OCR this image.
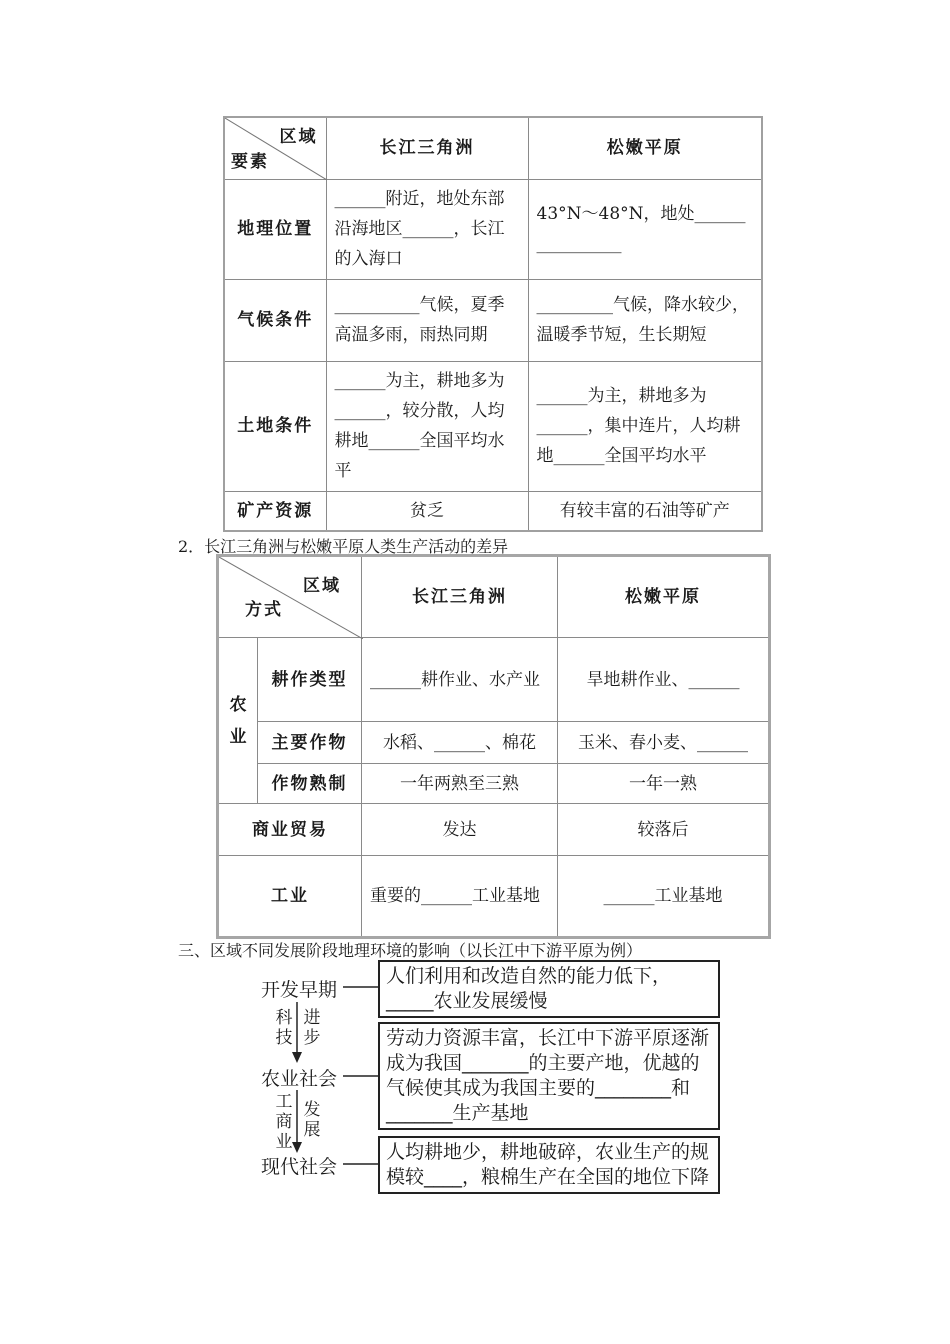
区域
要素	长江三角洲	松嫩平原
地理位置	______附近，地处东部沿海地区______，长江的入海口	43°N～48°N，地处______ __________
气候条件	__________气候，夏季高温多雨，雨热同期	_________气候，降水较少，温暖季节短，生长期短
土地条件	______为主，耕地多为______，较分散，人均耕地______全国平均水平	______为主，耕地多为______，集中连片，人均耕地______全国平均水平
矿产资源	贫乏	有较丰富的石油等矿产
2．长江三角洲与松嫩平原人类生产活动的差异
区域
方式		长江三角洲	松嫩平原
农业	耕作类型	______耕作业、水产业	旱地耕作业、______
	主要作物	水稻、______、棉花	玉米、春小麦、______
	作物熟制	一年两熟至三熟	一年一熟
商业贸易		发达	较落后
工业		重要的______工业基地	______工业基地
三、区域不同发展阶段地理环境的影响（以长江中下游平原为例）
开发早期
农业社会
现代社会
科技
进步
工商业
发展
人们利用和改造自然的能力低下，_____农业发展缓慢
劳动力资源丰富，长江中下游平原逐渐
成为我国_______的主要产地，优越的
气候使其成为我国主要的________和
_______生产基地
人均耕地少，耕地破碎，农业生产的规
模较____，粮棉生产在全国的地位下降
